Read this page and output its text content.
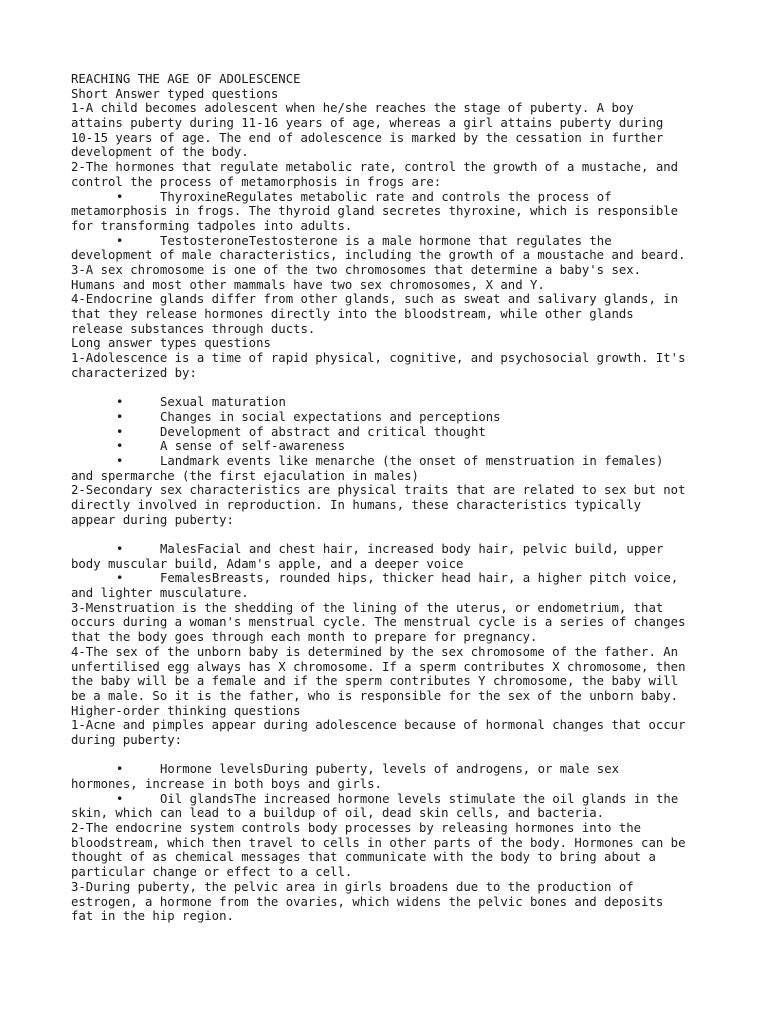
REACHING THE AGE OF ADOLESCENCE
Short Answer typed questions
1-A child becomes adolescent when he/she reaches the stage of puberty. A boy
attains puberty during 11-16 years of age, whereas a girl attains puberty during
10-15 years of age. The end of adolescence is marked by the cessation in further
development of the body.
2-The hormones that regulate metabolic rate, control the growth of a mustache, and
control the process of metamorphosis in frogs are:
•	ThyroxineRegulates metabolic rate and controls the process of
metamorphosis in frogs. The thyroid gland secretes thyroxine, which is responsible
for transforming tadpoles into adults.
•	TestosteroneTestosterone is a male hormone that regulates the
development of male characteristics, including the growth of a moustache and beard.
3-A sex chromosome is one of the two chromosomes that determine a baby's sex.
Humans and most other mammals have two sex chromosomes, X and Y.
4-Endocrine glands differ from other glands, such as sweat and salivary glands, in
that they release hormones directly into the bloodstream, while other glands
release substances through ducts.
Long answer types questions
1-Adolescence is a time of rapid physical, cognitive, and psychosocial growth. It's
characterized by:
•	Sexual maturation
•	Changes in social expectations and perceptions
•	Development of abstract and critical thought
•	A sense of self-awareness
•	Landmark events like menarche (the onset of menstruation in females)
and spermarche (the first ejaculation in males)
2-Secondary sex characteristics are physical traits that are related to sex but not
directly involved in reproduction. In humans, these characteristics typically
appear during puberty:
•	MalesFacial and chest hair, increased body hair, pelvic build, upper
body muscular build, Adam's apple, and a deeper voice
•	FemalesBreasts, rounded hips, thicker head hair, a higher pitch voice,
and lighter musculature.
3-Menstruation is the shedding of the lining of the uterus, or endometrium, that
occurs during a woman's menstrual cycle. The menstrual cycle is a series of changes
that the body goes through each month to prepare for pregnancy.
4-The sex of the unborn baby is determined by the sex chromosome of the father. An
unfertilised egg always has X chromosome. If a sperm contributes X chromosome, then
the baby will be a female and if the sperm contributes Y chromosome, the baby will
be a male. So it is the father, who is responsible for the sex of the unborn baby.
Higher-order thinking questions
1-Acne and pimples appear during adolescence because of hormonal changes that occur
during puberty:
•	Hormone levelsDuring puberty, levels of androgens, or male sex
hormones, increase in both boys and girls.
•	Oil glandsThe increased hormone levels stimulate the oil glands in the
skin, which can lead to a buildup of oil, dead skin cells, and bacteria.
2-The endocrine system controls body processes by releasing hormones into the
bloodstream, which then travel to cells in other parts of the body. Hormones can be
thought of as chemical messages that communicate with the body to bring about a
particular change or effect to a cell.
3-During puberty, the pelvic area in girls broadens due to the production of
estrogen, a hormone from the ovaries, which widens the pelvic bones and deposits
fat in the hip region.
